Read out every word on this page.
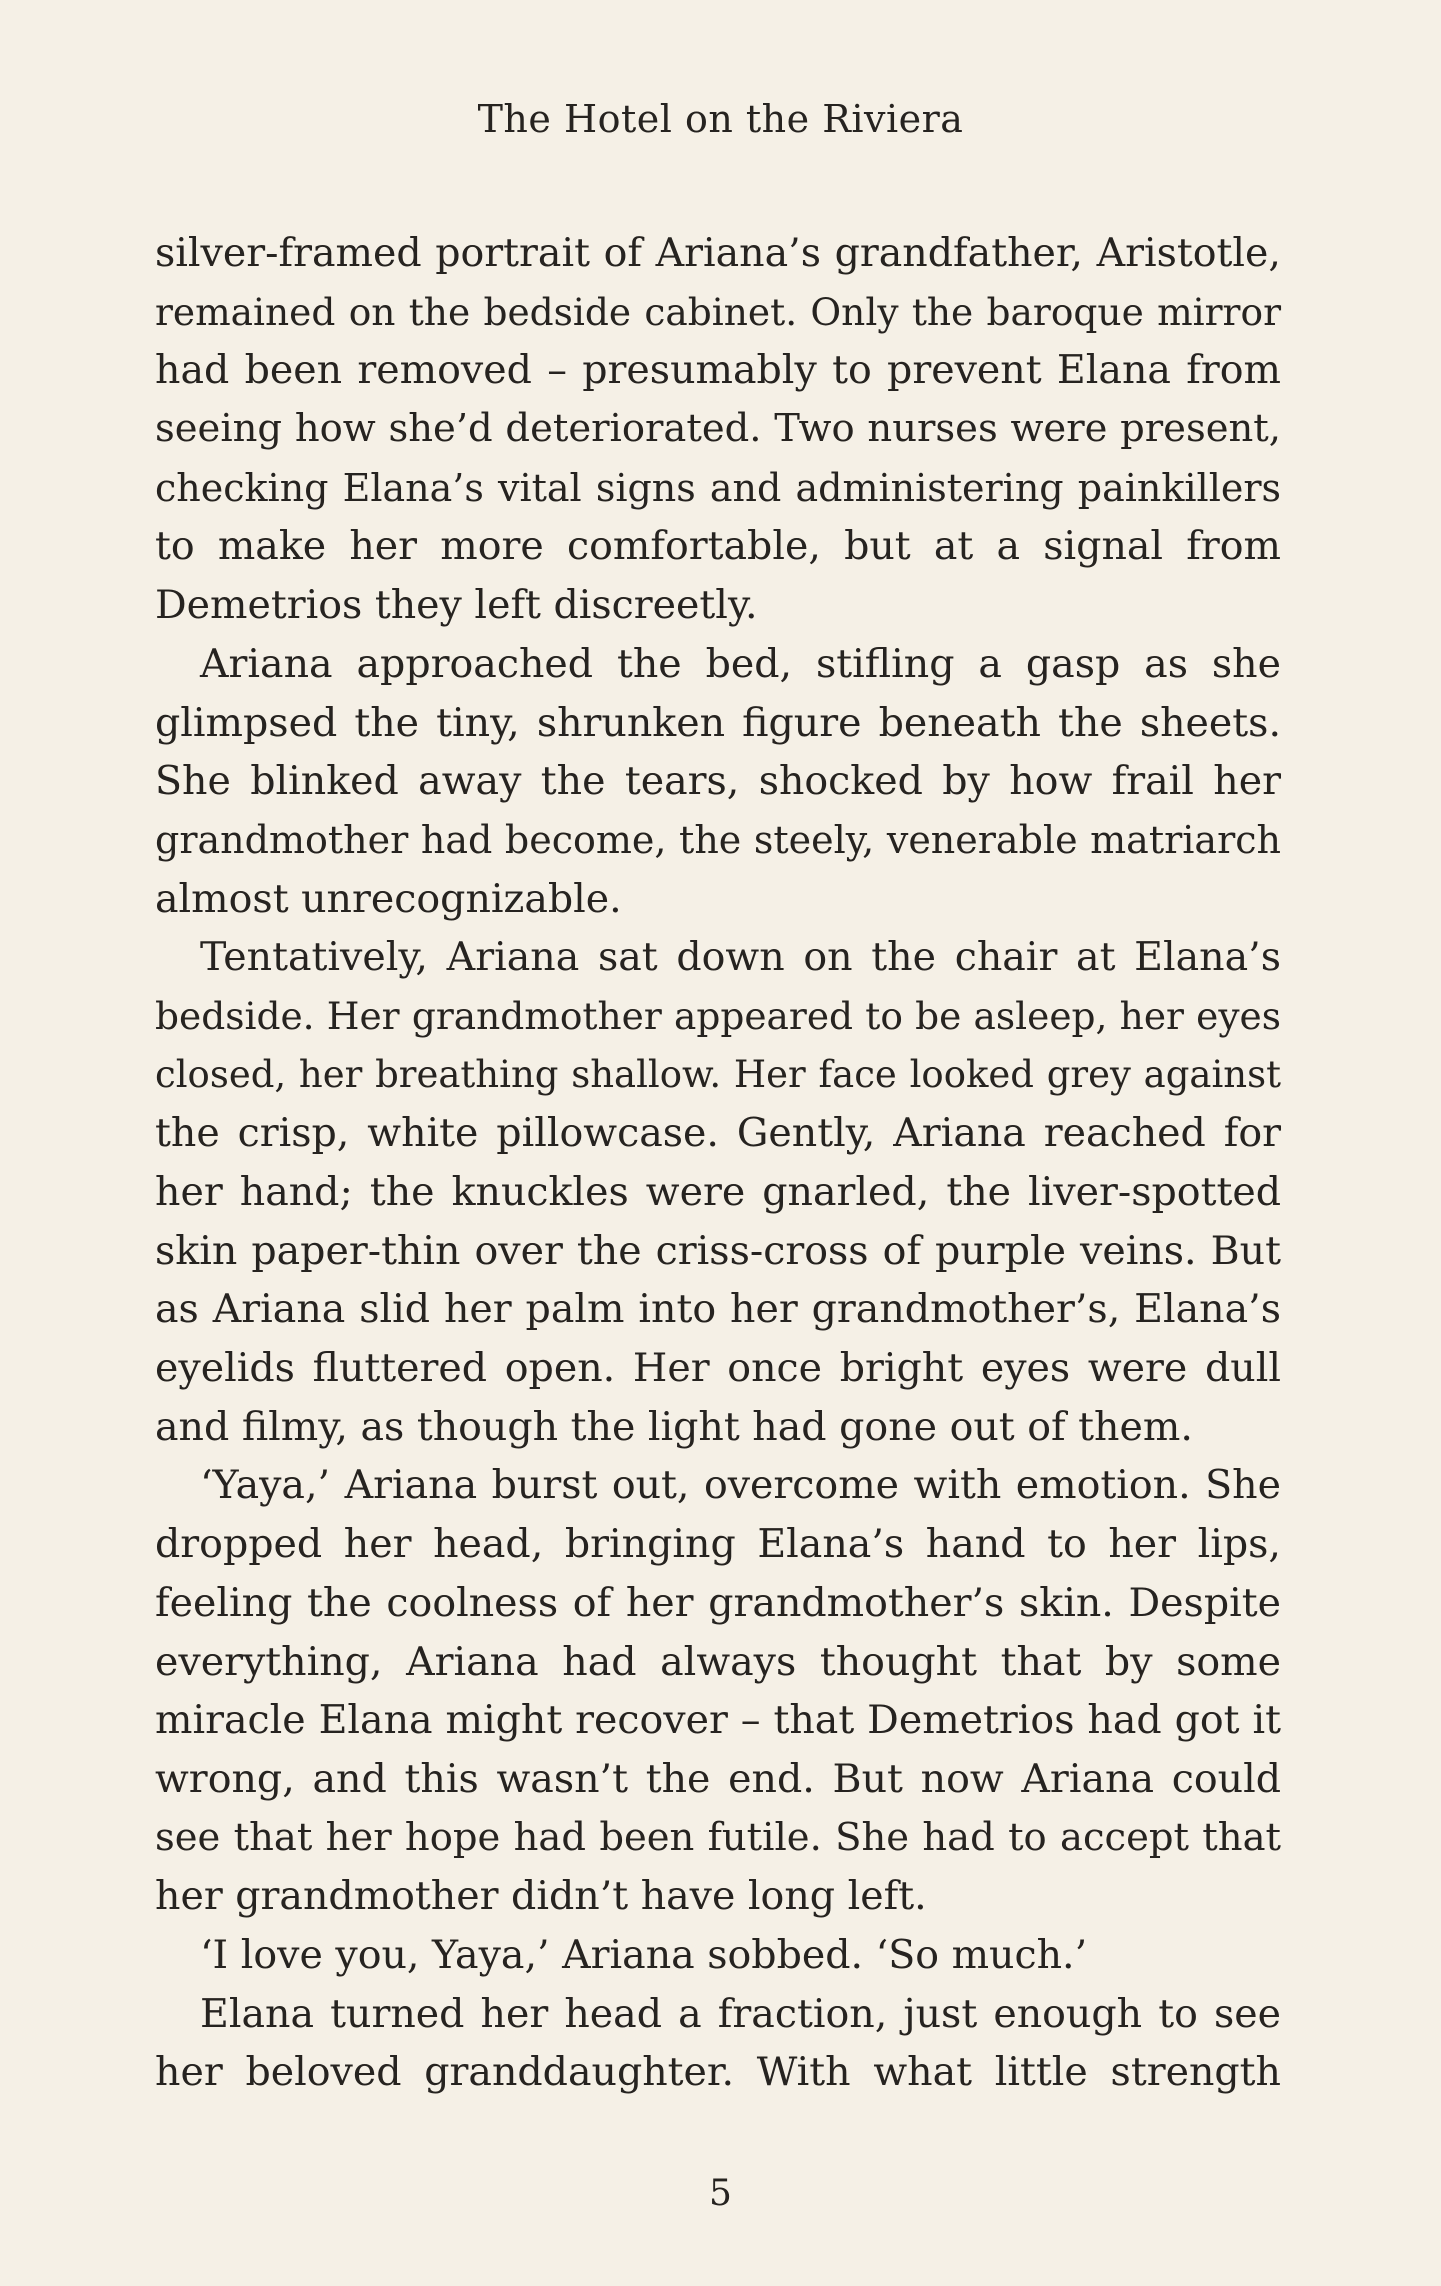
The Hotel on the Riviera
silver-framed portrait of Ariana’s grandfather, Aristotle,
remained on the bedside cabinet. Only the baroque mirror
had been removed – presumably to prevent Elana from
seeing how she’d deteriorated. Two nurses were present,
checking Elana’s vital signs and administering painkillers
to make her more comfortable, but at a signal from
Demetrios they left discreetly.
Ariana approached the bed, stifling a gasp as she
glimpsed the tiny, shrunken figure beneath the sheets.
She blinked away the tears, shocked by how frail her
grandmother had become, the steely, venerable matriarch
almost unrecognizable.
Tentatively, Ariana sat down on the chair at Elana’s
bedside. Her grandmother appeared to be asleep, her eyes
closed, her breathing shallow. Her face looked grey against
the crisp, white pillowcase. Gently, Ariana reached for
her hand; the knuckles were gnarled, the liver-spotted
skin paper-thin over the criss-cross of purple veins. But
as Ariana slid her palm into her grandmother’s, Elana’s
eyelids fluttered open. Her once bright eyes were dull
and filmy, as though the light had gone out of them.
‘Yaya,’ Ariana burst out, overcome with emotion. She
dropped her head, bringing Elana’s hand to her lips,
feeling the coolness of her grandmother’s skin. Despite
everything, Ariana had always thought that by some
miracle Elana might recover – that Demetrios had got it
wrong, and this wasn’t the end. But now Ariana could
see that her hope had been futile. She had to accept that
her grandmother didn’t have long left.
‘I love you, Yaya,’ Ariana sobbed. ‘So much.’
Elana turned her head a fraction, just enough to see
her beloved granddaughter. With what little strength
5
